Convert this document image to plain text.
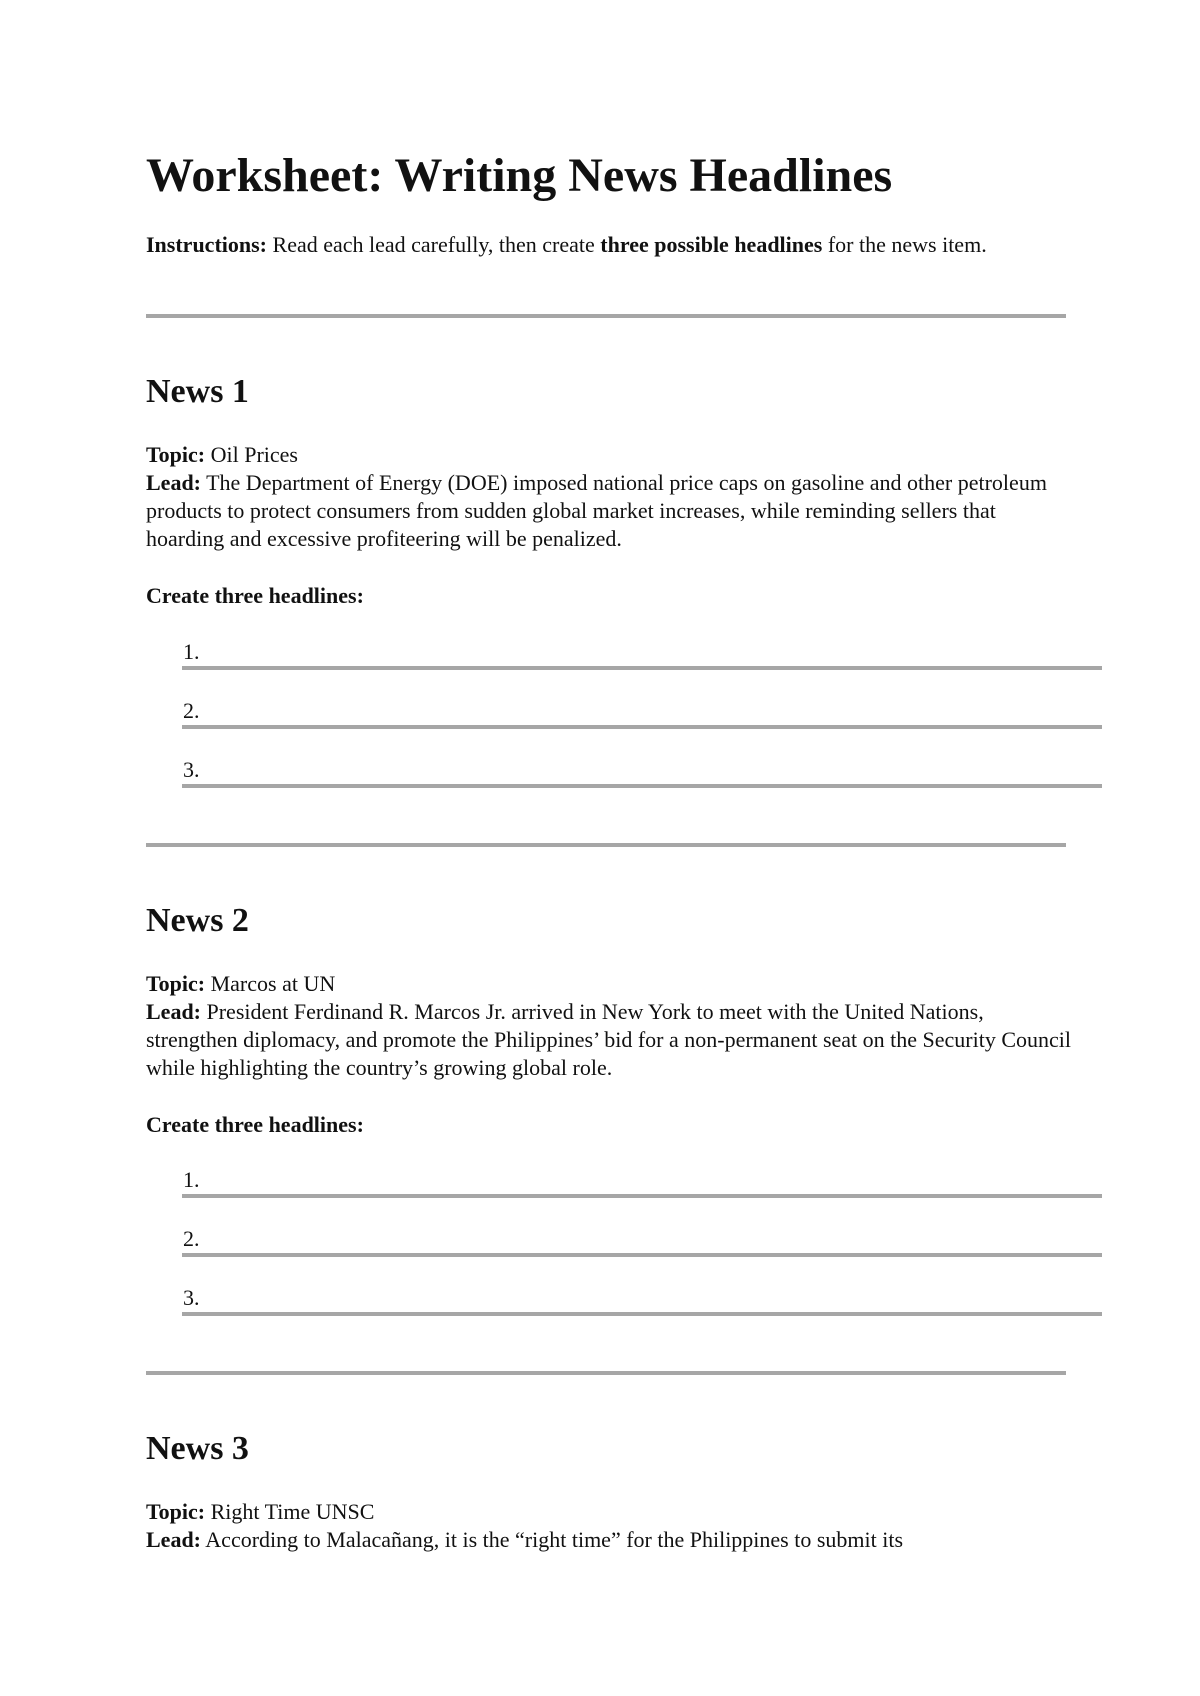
Worksheet: Writing News Headlines

Instructions: Read each lead carefully, then create three possible headlines for the news item.

News 1
Topic: Oil Prices
Lead: The Department of Energy (DOE) imposed national price caps on gasoline and other petroleum products to protect consumers from sudden global market increases, while reminding sellers that hoarding and excessive profiteering will be penalized.
Create three headlines:
1.
2.
3.
News 2
Topic: Marcos at UN
Lead: President Ferdinand R. Marcos Jr. arrived in New York to meet with the United Nations, strengthen diplomacy, and promote the Philippines’ bid for a non-permanent seat on the Security Council while highlighting the country’s growing global role.
Create three headlines:
1.
2.
3.
News 3
Topic: Right Time UNSC
Lead: According to Malacañang, it is the “right time” for the Philippines to submit its
